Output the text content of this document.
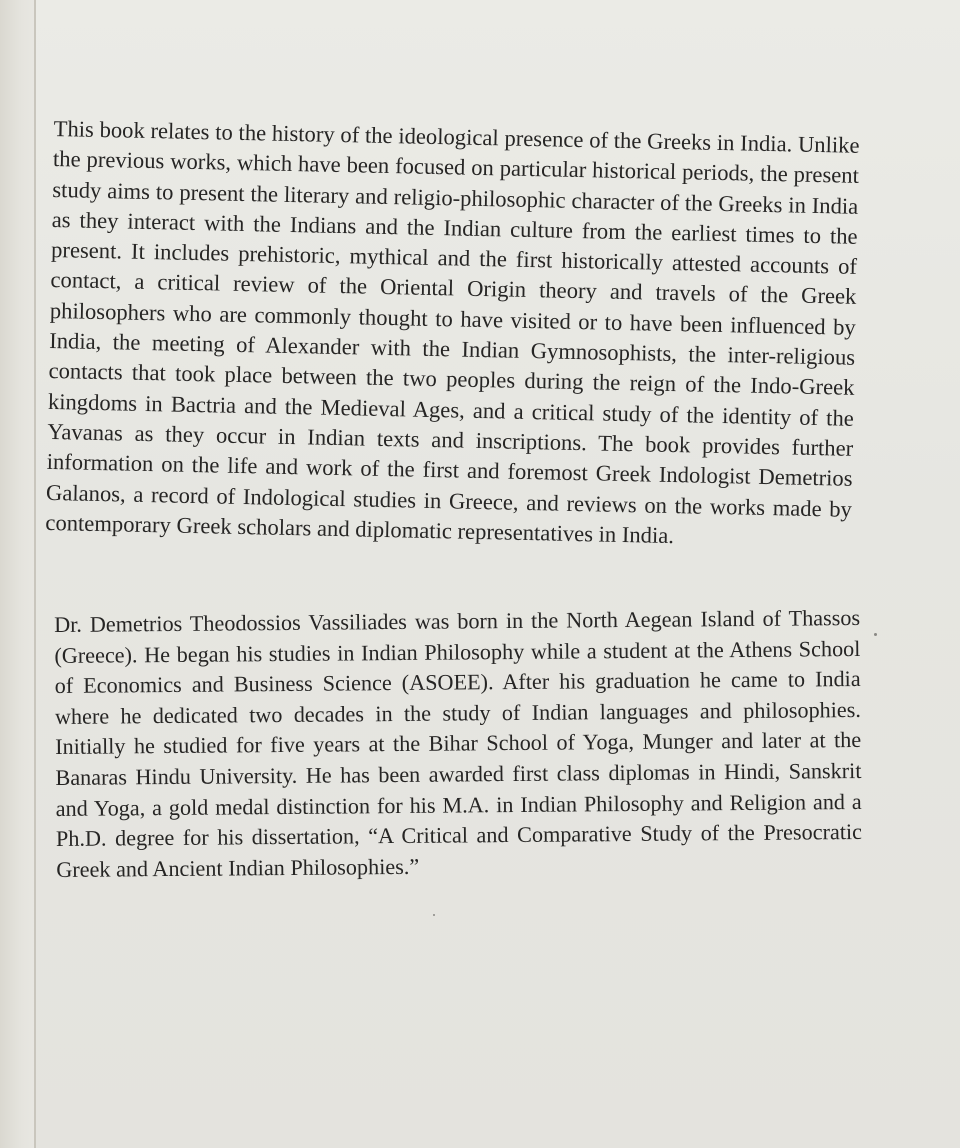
This book relates to the history of the ideological presence of the Greeks in India. Unlike the previous works, which have been focused on particular historical periods, the present study aims to present the literary and religio-philosophic character of the Greeks in India as they interact with the Indians and the Indian culture from the earliest times to the present. It includes prehistoric, mythical and the first historically attested accounts of contact, a critical review of the Oriental Origin theory and travels of the Greek philosophers who are commonly thought to have visited or to have been influenced by India, the meeting of Alexander with the Indian Gymnosophists, the inter-religious contacts that took place between the two peoples during the reign of the Indo-Greek kingdoms in Bactria and the Medieval Ages, and a critical study of the identity of the Yavanas as they occur in Indian texts and inscriptions. The book provides further information on the life and work of the first and foremost Greek Indologist Demetrios Galanos, a record of Indological studies in Greece, and reviews on the works made by contemporary Greek scholars and diplomatic representatives in India.

Dr. Demetrios Theodossios Vassiliades was born in the North Aegean Island of Thassos (Greece). He began his studies in Indian Philosophy while a student at the Athens School of Economics and Business Science (ASOEE). After his graduation he came to India where he dedicated two decades in the study of Indian languages and philosophies. Initially he studied for five years at the Bihar School of Yoga, Munger and later at the Banaras Hindu University. He has been awarded first class diplomas in Hindi, Sanskrit and Yoga, a gold medal distinction for his M.A. in Indian Philosophy and Religion and a Ph.D. degree for his dissertation, “A Critical and Comparative Study of the Presocratic Greek and Ancient Indian Philosophies.”
